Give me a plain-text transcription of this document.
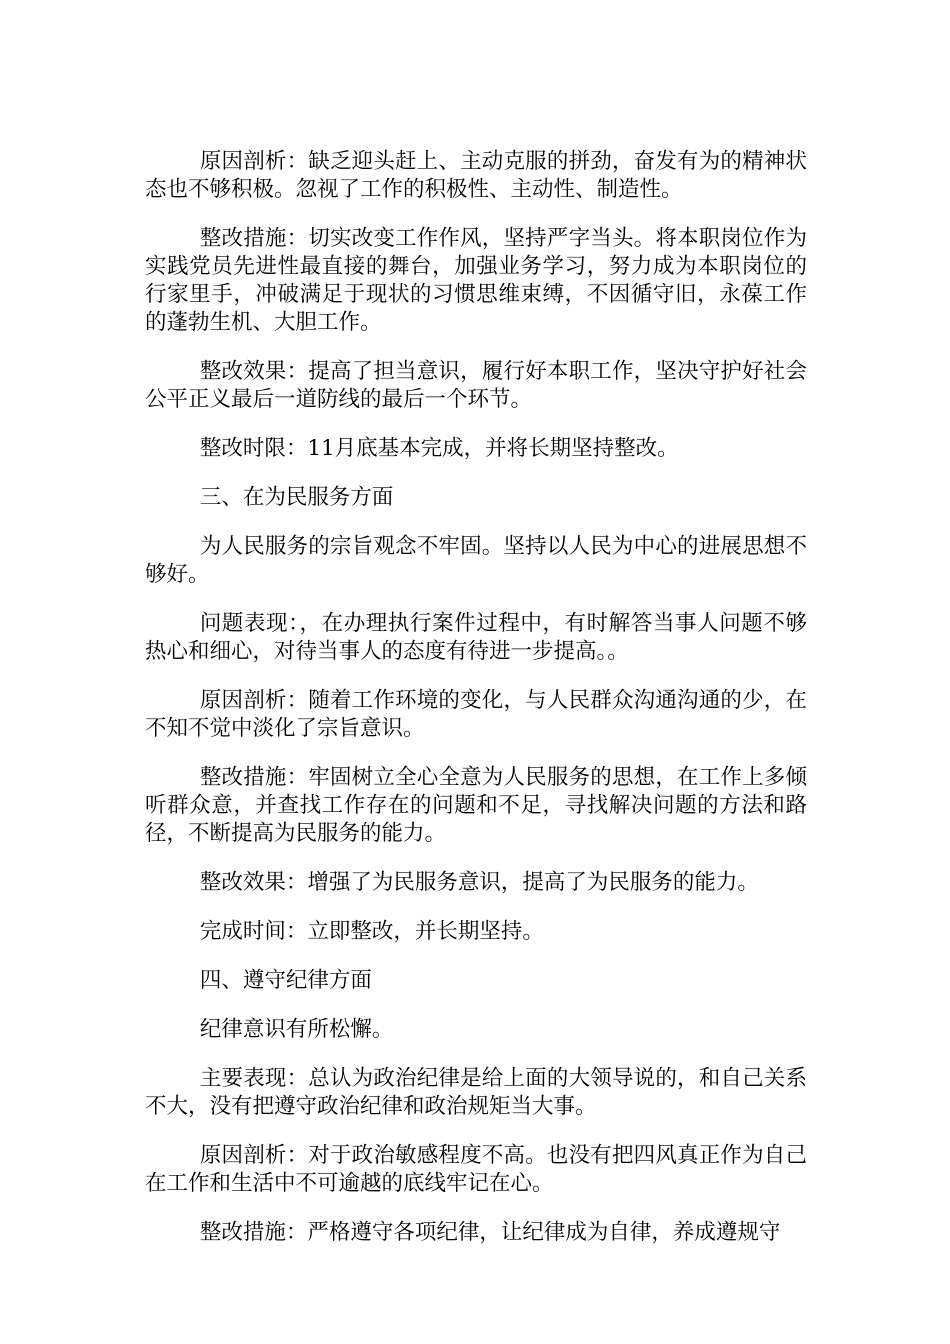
原因剖析：缺乏迎头赶上、主动克服的拼劲，奋发有为的精神状态也不够积极。忽视了工作的积极性、主动性、制造性。

整改措施：切实改变工作作风，坚持严字当头。将本职岗位作为实践党员先进性最直接的舞台，加强业务学习，努力成为本职岗位的行家里手，冲破满足于现状的习惯思维束缚，不因循守旧，永葆工作的蓬勃生机、大胆工作。

整改效果：提高了担当意识，履行好本职工作，坚决守护好社会公平正义最后一道防线的最后一个环节。

整改时限：11月底基本完成，并将长期坚持整改。

三、在为民服务方面

为人民服务的宗旨观念不牢固。坚持以人民为中心的进展思想不够好。

问题表现：，在办理执行案件过程中，有时解答当事人问题不够热心和细心，对待当事人的态度有待进一步提高。。

原因剖析：随着工作环境的变化，与人民群众沟通沟通的少，在不知不觉中淡化了宗旨意识。

整改措施：牢固树立全心全意为人民服务的思想，在工作上多倾听群众意，并查找工作存在的问题和不足，寻找解决问题的方法和路径，不断提高为民服务的能力。

整改效果：增强了为民服务意识，提高了为民服务的能力。

完成时间：立即整改，并长期坚持。

四、遵守纪律方面

纪律意识有所松懈。

主要表现：总认为政治纪律是给上面的大领导说的，和自己关系不大，没有把遵守政治纪律和政治规矩当大事。

原因剖析：对于政治敏感程度不高。也没有把四风真正作为自己在工作和生活中不可逾越的底线牢记在心。

整改措施：严格遵守各项纪律，让纪律成为自律，养成遵规守
